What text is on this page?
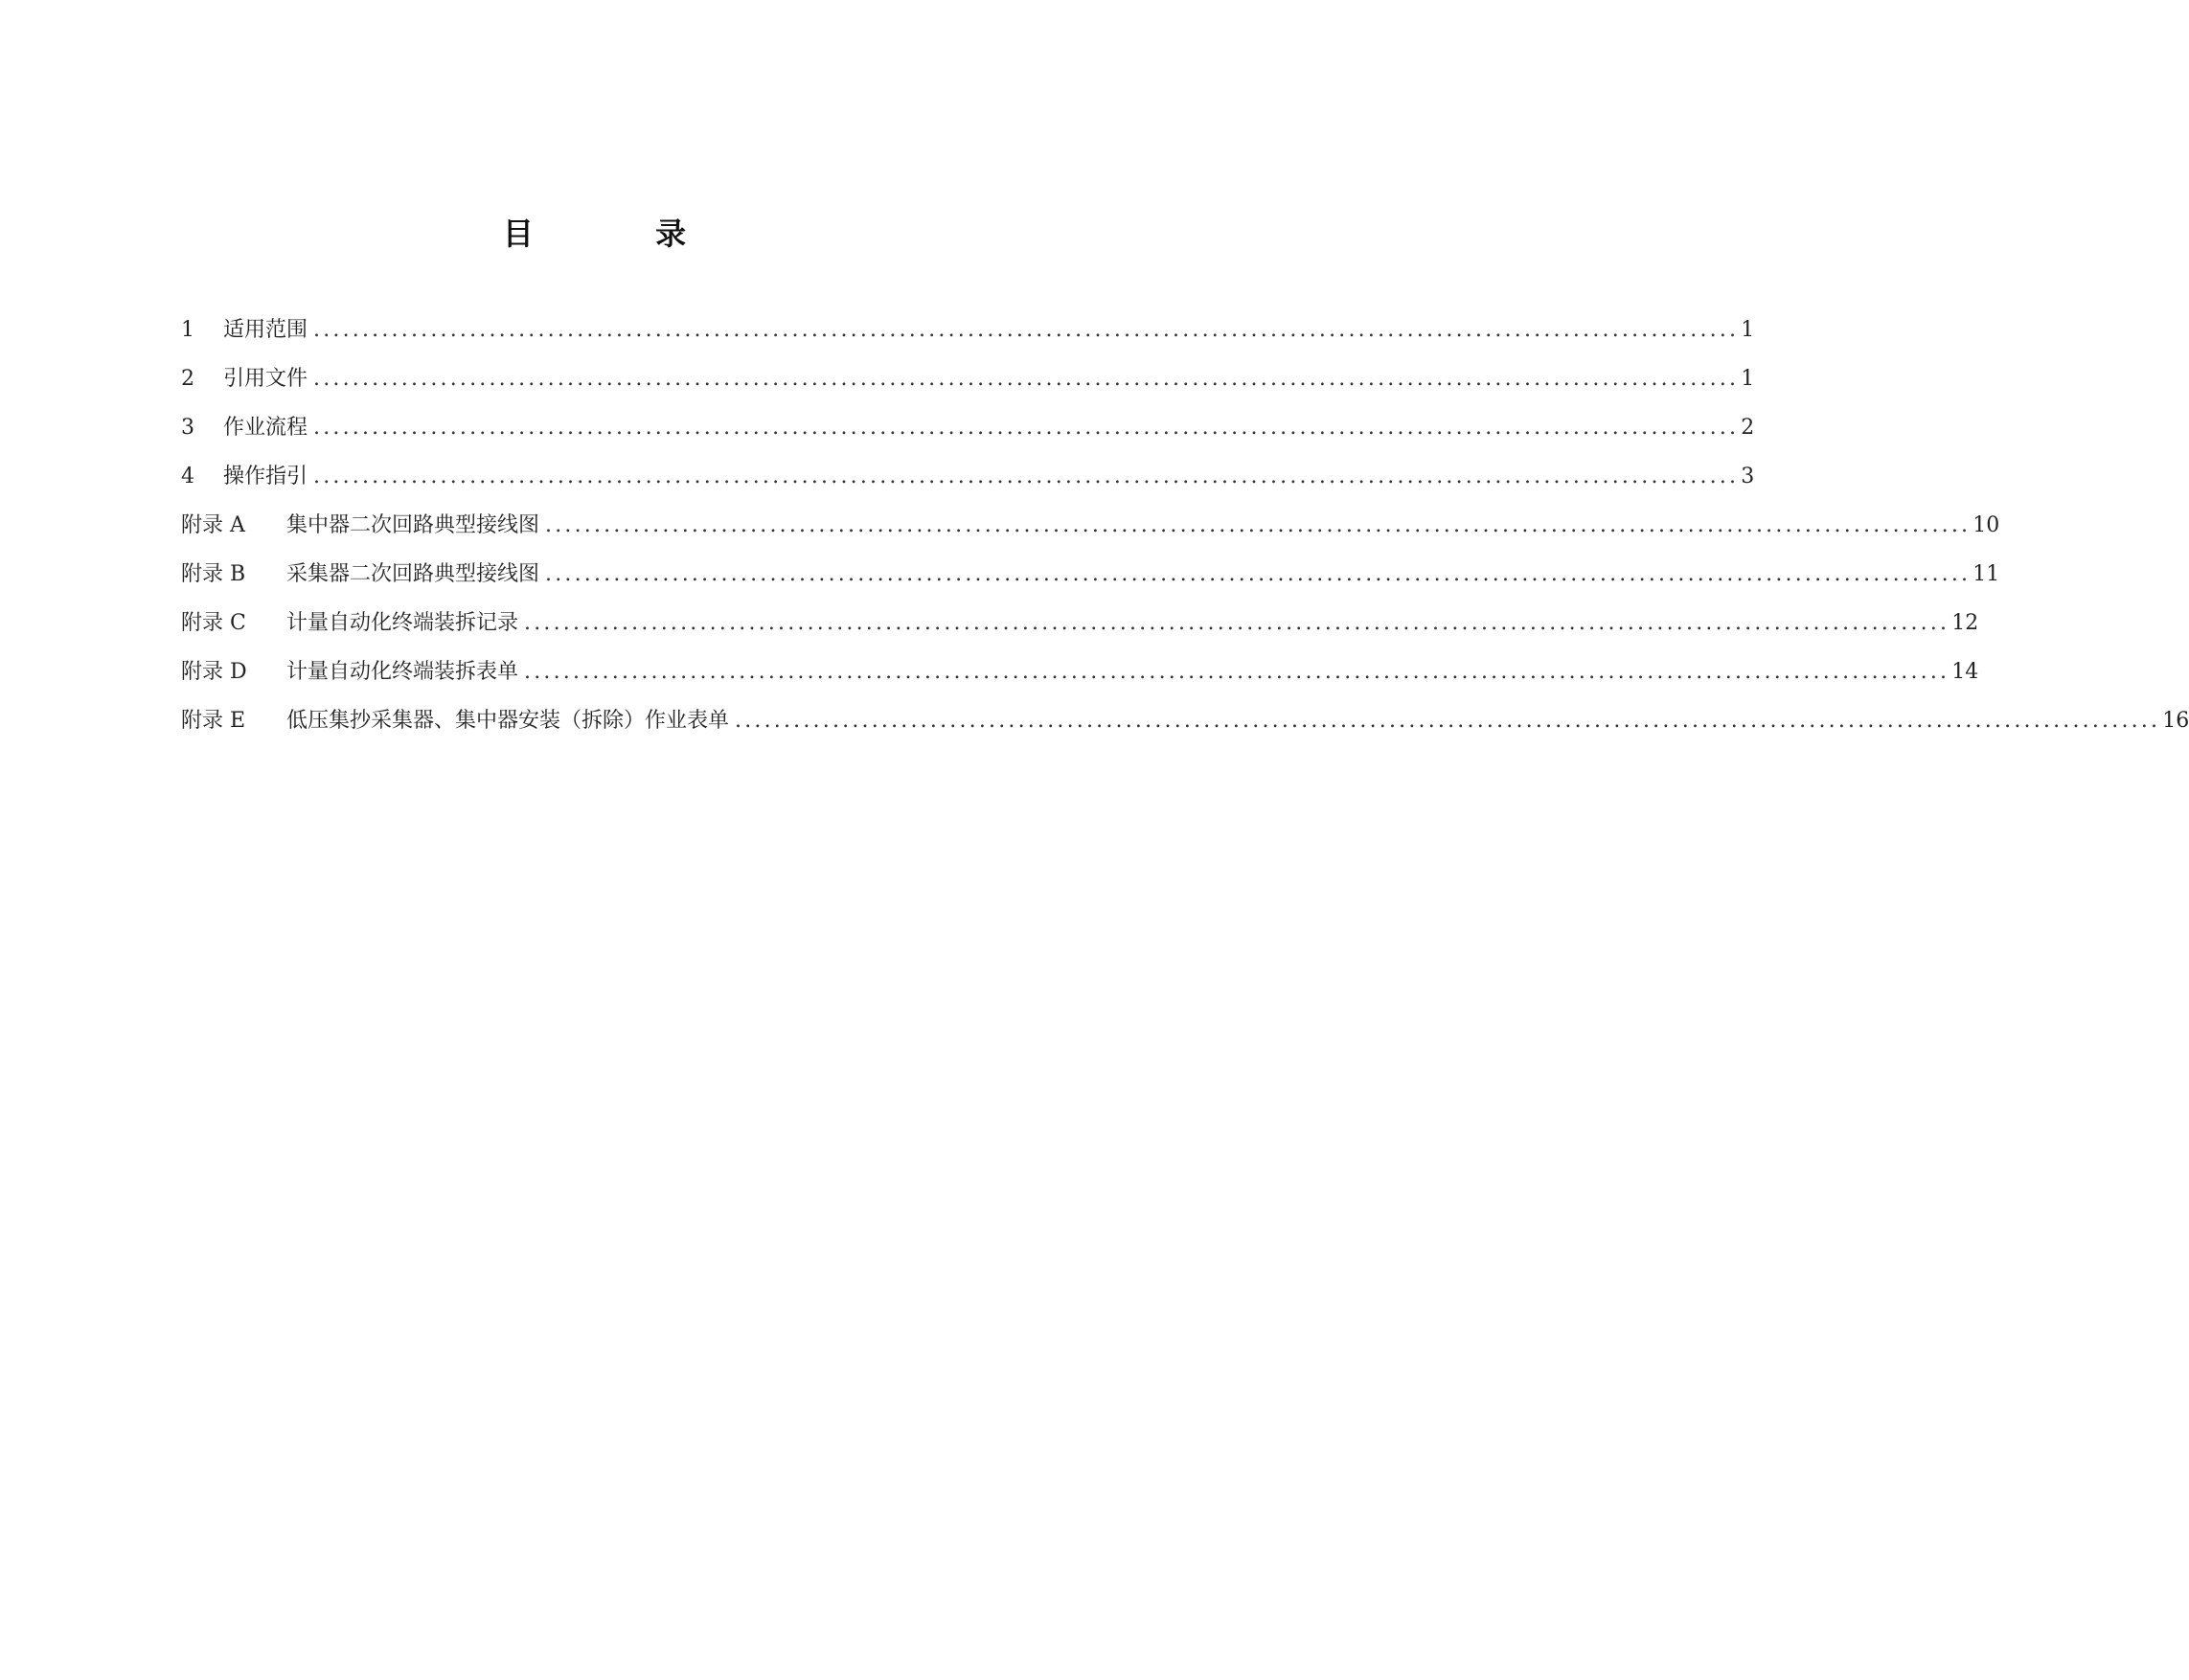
目 录
1	适用范围 .................................................................................................................................................. 1
2	引用文件 .................................................................................................................................................. 1
3	作业流程 .................................................................................................................................................. 2
4	操作指引 .................................................................................................................................................. 3
附录 A	集中器二次回路典型接线图 .................................................................................................................................................. 10
附录 B	采集器二次回路典型接线图 .................................................................................................................................................. 11
附录 C	计量自动化终端装拆记录 .................................................................................................................................................. 12
附录 D	计量自动化终端装拆表单 .................................................................................................................................................. 14
附录 E	低压集抄采集器、集中器安装（拆除）作业表单 .................................................................................................................................................. 16
